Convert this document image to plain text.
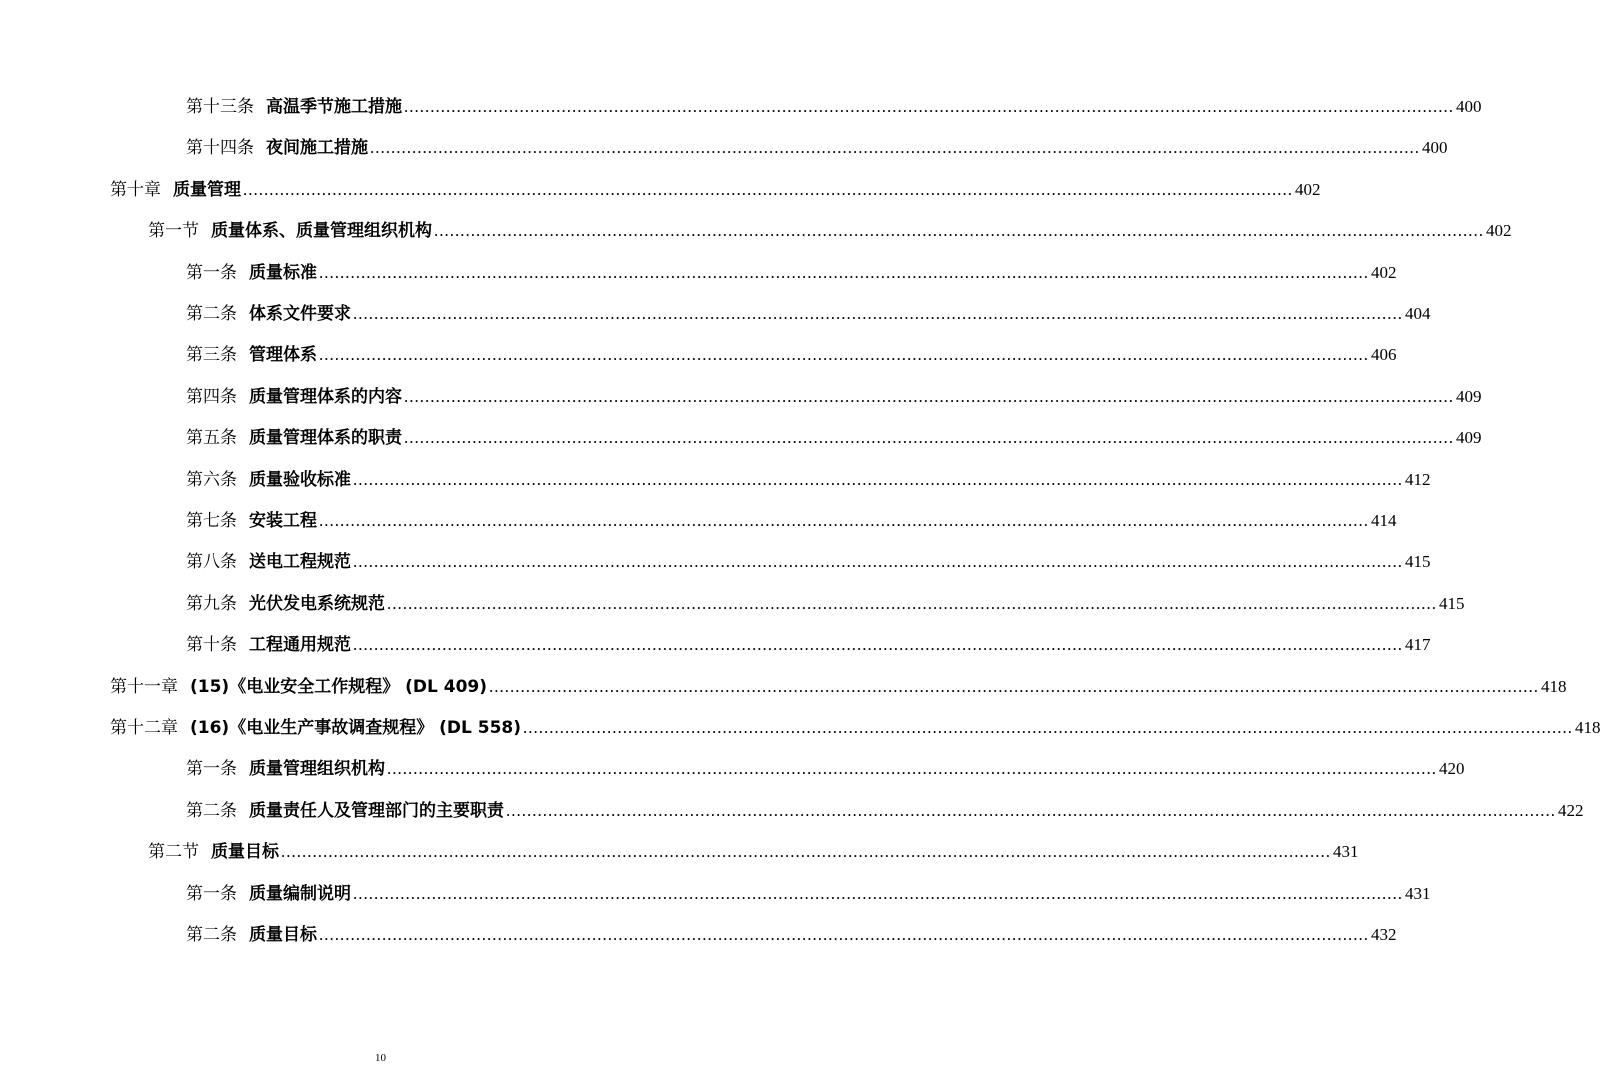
第十三条 高温季节施工措施 ........................................................................................................................................................................................................ 400
第十四条 夜间施工措施 ........................................................................................................................................................................................................ 400
第十章 质量管理 ........................................................................................................................................................................................................ 402
第一节 质量体系、质量管理组织机构 ........................................................................................................................................................................................................ 402
第一条 质量标准 ........................................................................................................................................................................................................ 402
第二条 体系文件要求 ........................................................................................................................................................................................................ 404
第三条 管理体系 ........................................................................................................................................................................................................ 406
第四条 质量管理体系的内容 ........................................................................................................................................................................................................ 409
第五条 质量管理体系的职责 ........................................................................................................................................................................................................ 409
第六条 质量验收标准 ........................................................................................................................................................................................................ 412
第七条 安装工程 ........................................................................................................................................................................................................ 414
第八条 送电工程规范 ........................................................................................................................................................................................................ 415
第九条 光伏发电系统规范 ........................................................................................................................................................................................................ 415
第十条 工程通用规范 ........................................................................................................................................................................................................ 417
第十一章 (15)《电业安全工作规程》 (DL 409) ........................................................................................................................................................................................................ 418
第十二章 (16)《电业生产事故调查规程》 (DL 558) ........................................................................................................................................................................................................ 418
第一条 质量管理组织机构 ........................................................................................................................................................................................................ 420
第二条 质量责任人及管理部门的主要职责 ........................................................................................................................................................................................................ 422
第二节 质量目标 ........................................................................................................................................................................................................ 431
第一条 质量编制说明 ........................................................................................................................................................................................................ 431
第二条 质量目标 ........................................................................................................................................................................................................ 432
10
